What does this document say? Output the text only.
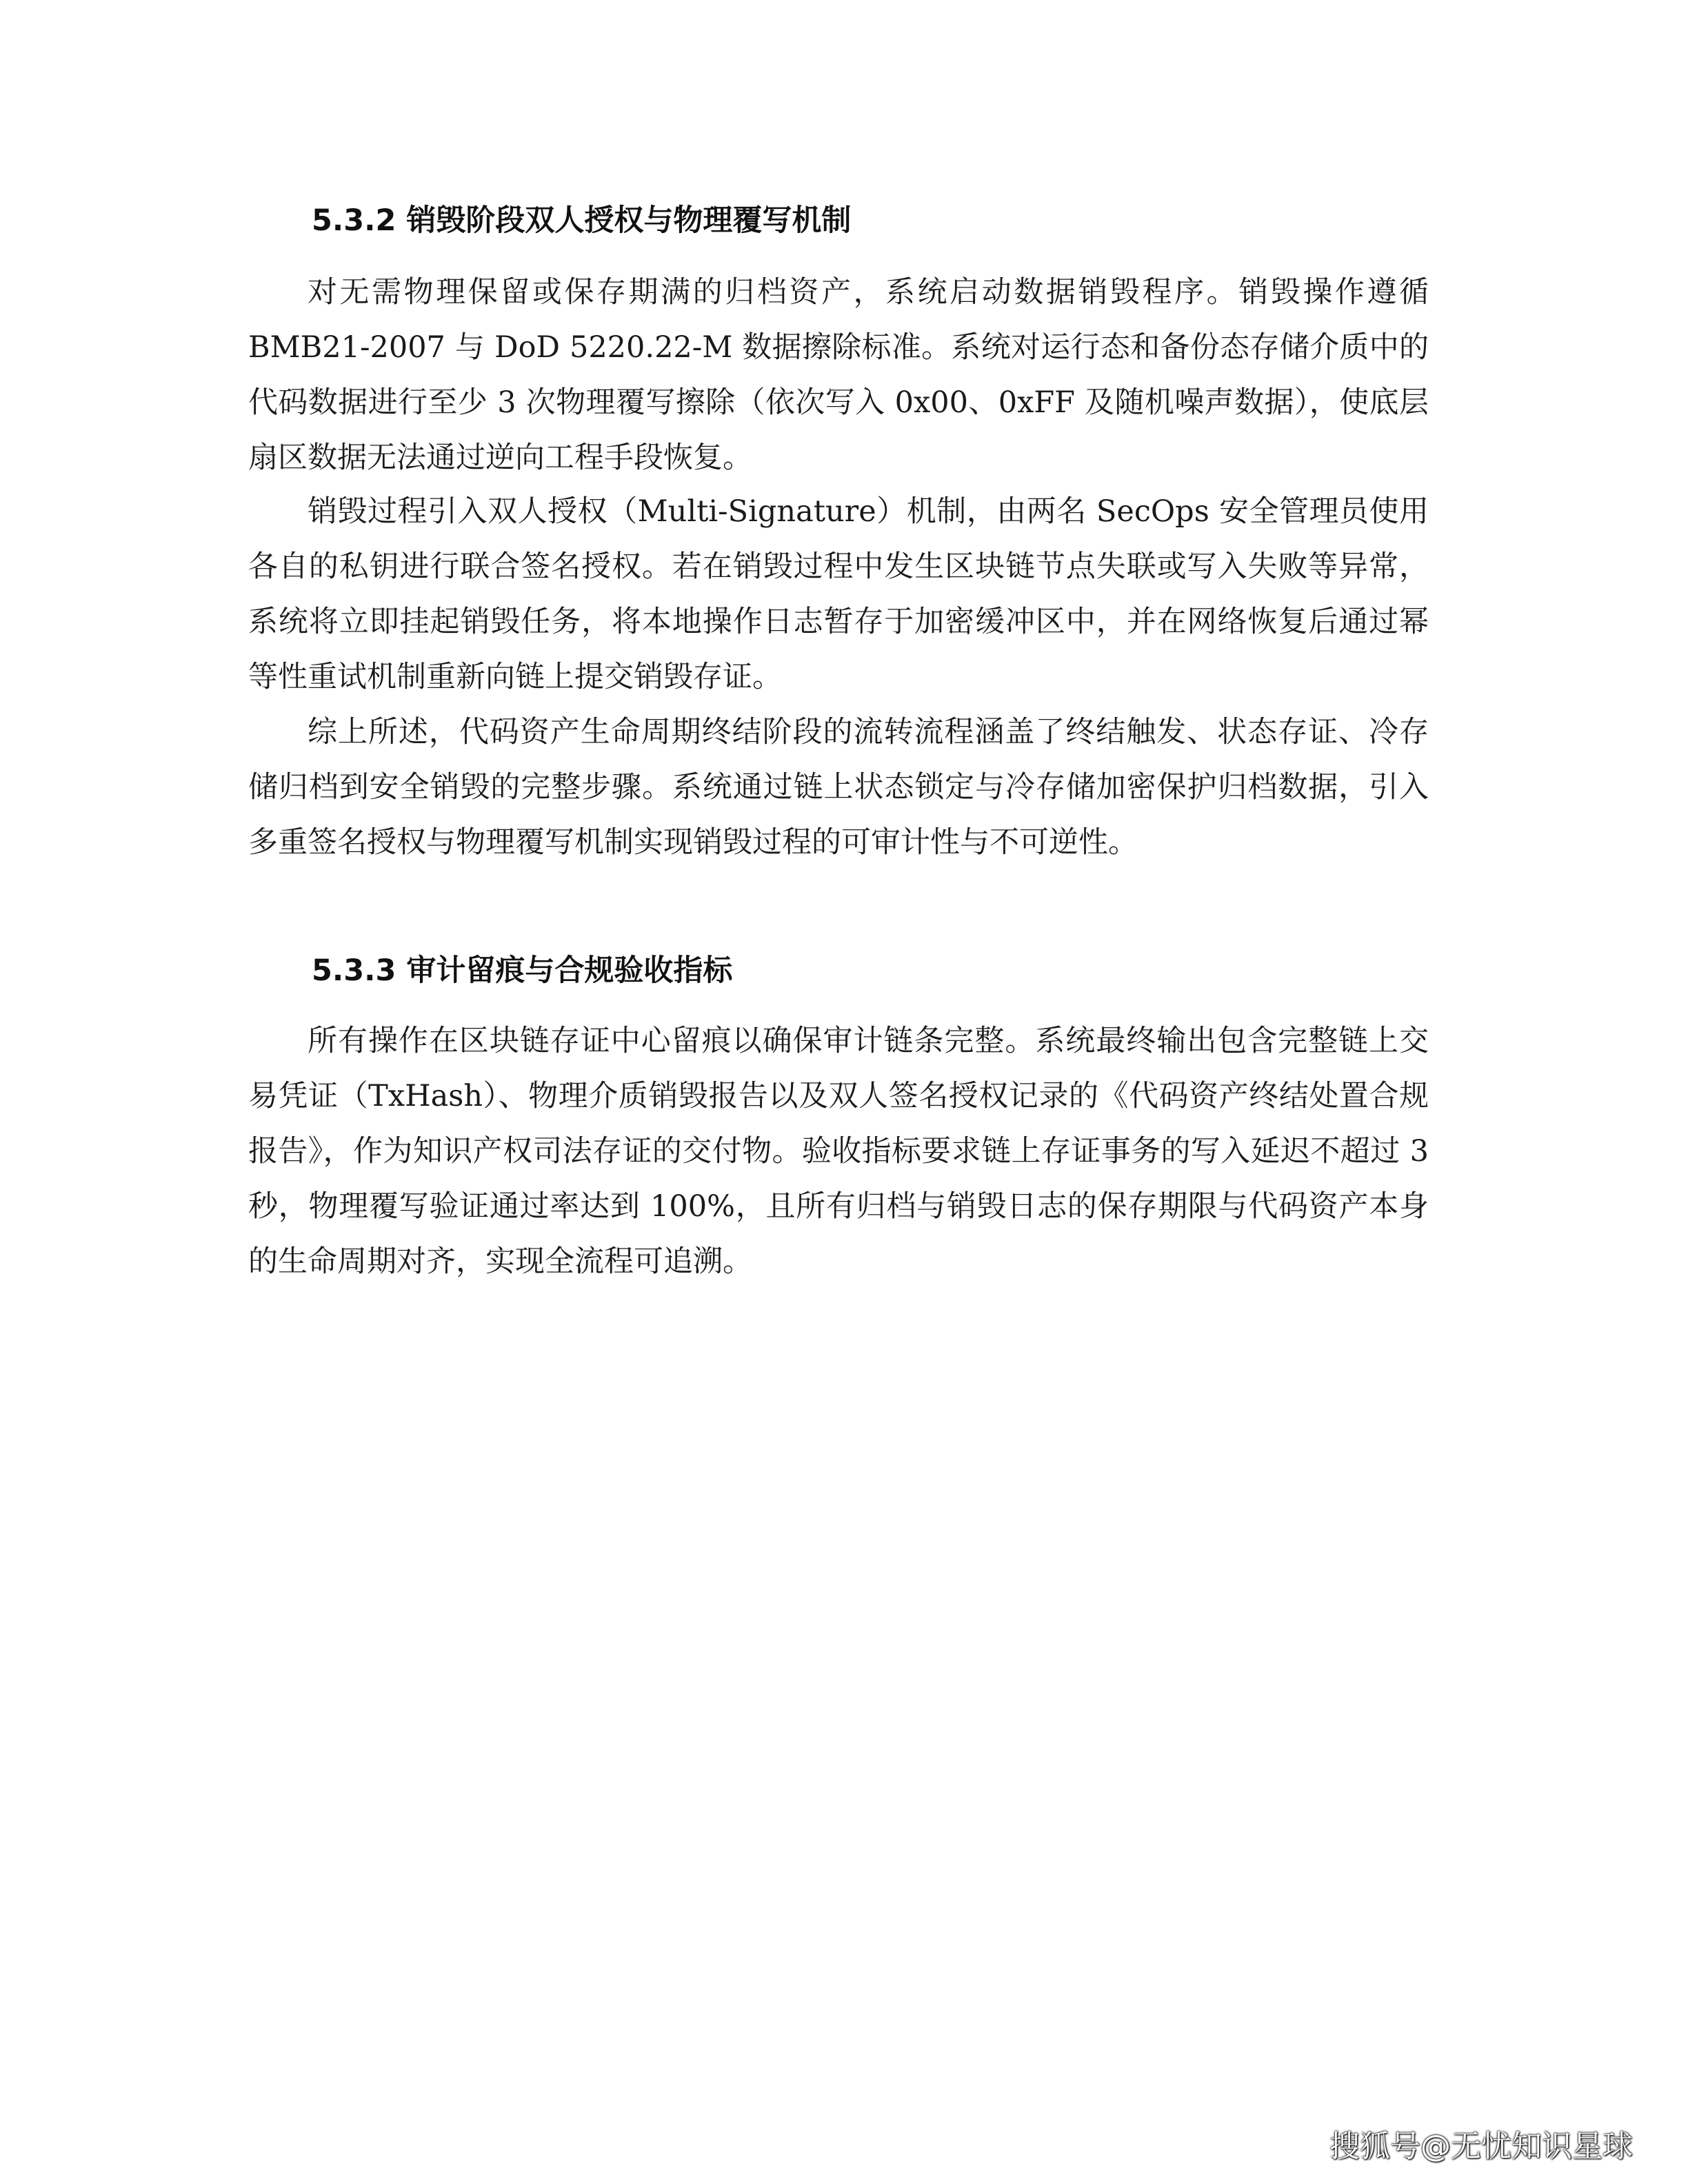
5.3.2 销毁阶段双人授权与物理覆写机制

对无需物理保留或保存期满的归档资产，系统启动数据销毁程序。销毁操作遵循 BMB21-2007 与 DoD 5220.22-M 数据擦除标准。系统对运行态和备份态存储介质中的代码数据进行至少 3 次物理覆写擦除（依次写入 0x00、0xFF 及随机噪声数据），使底层扇区数据无法通过逆向工程手段恢复。

销毁过程引入双人授权（Multi-Signature）机制，由两名 SecOps 安全管理员使用各自的私钥进行联合签名授权。若在销毁过程中发生区块链节点失联或写入失败等异常，系统将立即挂起销毁任务，将本地操作日志暂存于加密缓冲区中，并在网络恢复后通过幂等性重试机制重新向链上提交销毁存证。

综上所述，代码资产生命周期终结阶段的流转流程涵盖了终结触发、状态存证、冷存储归档到安全销毁的完整步骤。系统通过链上状态锁定与冷存储加密保护归档数据，引入多重签名授权与物理覆写机制实现销毁过程的可审计性与不可逆性。

5.3.3 审计留痕与合规验收指标

所有操作在区块链存证中心留痕以确保审计链条完整。系统最终输出包含完整链上交易凭证（TxHash）、物理介质销毁报告以及双人签名授权记录的《代码资产终结处置合规报告》，作为知识产权司法存证的交付物。验收指标要求链上存证事务的写入延迟不超过 3 秒，物理覆写验证通过率达到 100%，且所有归档与销毁日志的保存期限与代码资产本身的生命周期对齐，实现全流程可追溯。

搜狐号@无忧知识星球
